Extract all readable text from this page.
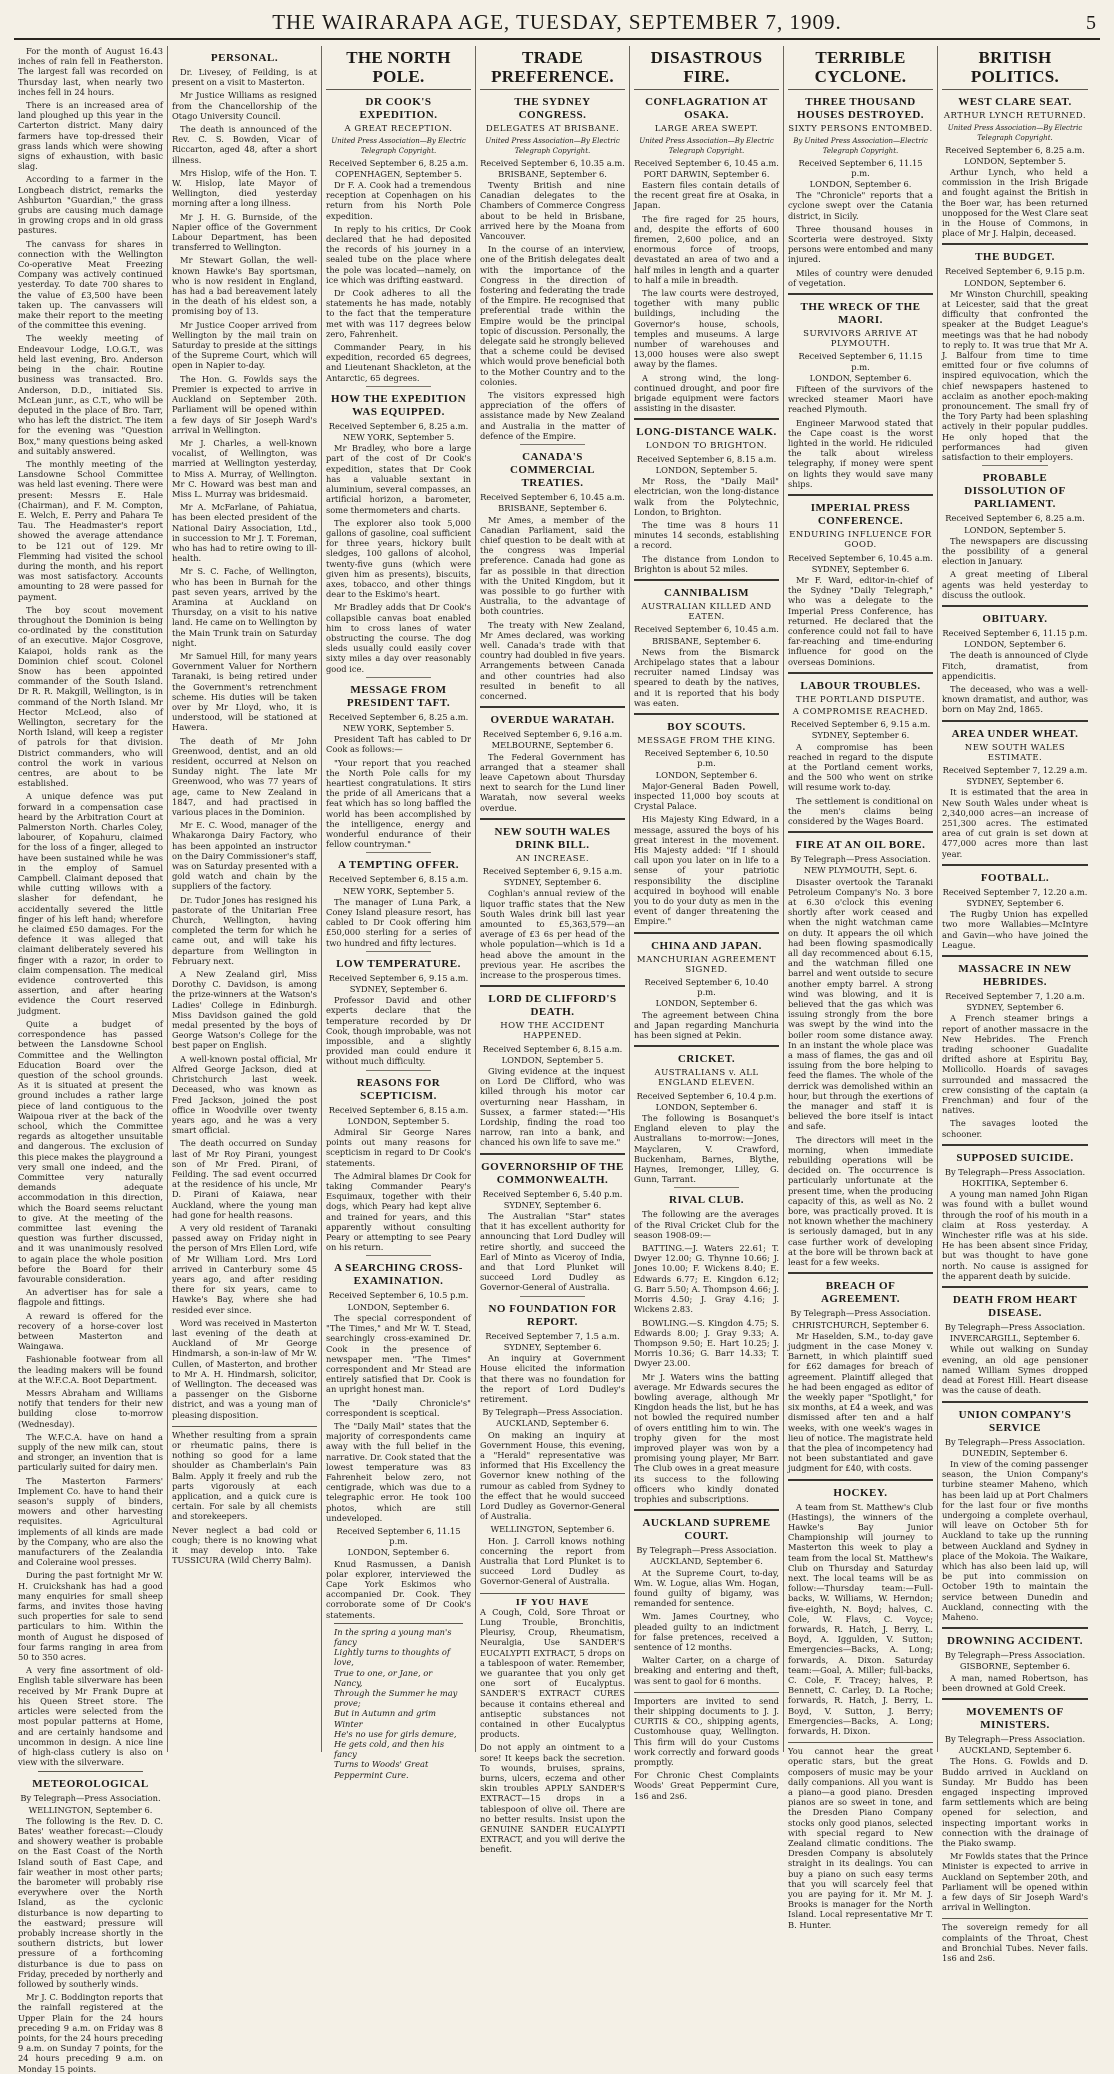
THE WAIRARAPA AGE, TUESDAY, SEPTEMBER 7, 1909.	5

For the month of August 16.43 inches of rain fell in Featherston. The largest fall was recorded on Thursday last, when nearly two inches fell in 24 hours.

There is an increased area of land ploughed up this year in the Carterton district. Many dairy farmers have top-dressed their grass lands which were showing signs of exhaustion, with basic slag.

According to a farmer in the Longbeach district, remarks the Ashburton "Guardian," the grass grubs are causing much damage in growing crops and in old grass pastures.

The canvass for shares in connection with the Wellington Co-operative Meat Freezing Company was actively continued yesterday. To date 700 shares to the value of £3,500 have been taken up. The canvassers will make their report to the meeting of the committee this evening.

The weekly meeting of Endeavour Lodge, I.O.G.T., was held last evening, Bro. Anderson being in the chair. Routine business was transacted. Bro. Anderson, D.D., initiated Sis. McLean junr., as C.T., who will be deputed in the place of Bro. Tarr, who has left the district. The item for the evening was "Question Box," many questions being asked and suitably answered.

The monthly meeting of the Lansdowne School Committee was held last evening. There were present: Messrs E. Hale (Chairman), and F. M. Compton, E. Welch, E. Perry and Pahara Te Tau. The Headmaster's report showed the average attendance to be 121 out of 129. Mr Flemming had visited the school during the month, and his report was most satisfactory. Accounts amounting to 28 were passed for payment.

The boy scout movement throughout the Dominion is being co-ordinated by the constitution of an executive. Major Cosgrove, Kaiapoi, holds rank as the Dominion chief scout. Colonel Snow has been appointed commander of the South Island. Dr R. R. Makgill, Wellington, is in command of the North Island. Mr Hector McLeod, also of Wellington, secretary for the North Island, will keep a register of patrols for that division. District commanders, who will control the work in various centres, are about to be established.

A unique defence was put forward in a compensation case heard by the Arbitration Court at Palmerston North. Charles Coley, labourer, of Kopahuru, claimed for the loss of a finger, alleged to have been sustained while he was in the employ of Samuel Campbell. Claimant deposed that while cutting willows with a slasher for defendant, he accidentally severed the little finger of his left hand; wherefore he claimed £50 damages. For the defence it was alleged that claimant deliberately severed his finger with a razor, in order to claim compensation. The medical evidence controverted this assertion, and after hearing evidence the Court reserved judgment.

Quite a budget of correspondence has passed between the Lansdowne School Committee and the Wellington Education Board over the question of the school grounds. As it is situated at present the ground includes a rather large piece of land contiguous to the Waipoua river at the back of the school, which the Committee regards as altogether unsuitable and dangerous. The exclusion of this piece makes the playground a very small one indeed, and the Committee very naturally demands adequate accommodation in this direction, which the Board seems reluctant to give. At the meeting of the committee last evening the question was further discussed, and it was unanimously resolved to again place the whole position before the Board for their favourable consideration.

An advertiser has for sale a flagpole and fittings.

A reward is offered for the recovery of a horse-cover lost between Masterton and Waingawa.

Fashionable footwear from all the leading makers will be found at the W.F.C.A. Boot Department.

Messrs Abraham and Williams notify that tenders for their new building close to-morrow (Wednesday).

The W.F.C.A. have on hand a supply of the new milk can, stout and stronger, an invention that is particularly suited for dairy men.

The Masterton Farmers' Implement Co. have to hand their season's supply of binders, mowers and other harvesting requisites. Agricultural implements of all kinds are made by the Company, who are also the manufacturers of the Zealandia and Coleraine wool presses.

During the past fortnight Mr W. H. Cruickshank has had a good many enquiries for small sheep farms, and invites those having such properties for sale to send particulars to him. Within the month of August he disposed of four farms ranging in area from 50 to 350 acres.

A very fine assortment of old-English table silverware has been received by Mr Frank Dupre at his Queen Street store. The articles were selected from the most popular patterns at Home, and are certainly handsome and uncommon in design. A nice line of high-class cutlery is also on view with the silverware.

METEOROLOGICAL
By Telegraph—Press Association.
WELLINGTON, September 6.

The following is the Rev. D. C. Bates' weather forecast:—Cloudy and showery weather is probable on the East Coast of the North Island south of East Cape, and fair weather in most other parts; the barometer will probably rise everywhere over the North Island, as the cyclonic disturbance is now departing to the eastward; pressure will probably increase shortly in the southern districts, but lower pressure of a forthcoming disturbance is due to pass on Friday, preceded by northerly and followed by southerly winds.

Mr J. C. Boddington reports that the rainfall registered at the Upper Plain for the 24 hours preceding 9 a.m. on Friday was 8 points, for the 24 hours preceding 9 a.m. on Sunday 7 points, for the 24 hours preceding 9 a.m. on Monday 15 points.

PERSONAL.

Dr. Livesey, of Feilding, is at present on a visit to Masterton.

Mr Justice Williams as resigned from the Chancellorship of the Otago University Council.

The death is announced of the Rev. C. S. Bowden, Vicar of Riccarton, aged 48, after a short illness.

Mrs Hislop, wife of the Hon. T. W. Hislop, late Mayor of Wellington, died yesterday morning after a long illness.

Mr J. H. G. Burnside, of the Napier office of the Government Labour Department, has been transferred to Wellington.

Mr Stewart Gollan, the well-known Hawke's Bay sportsman, who is now resident in England, has had a bad bereavement lately in the death of his eldest son, a promising boy of 13.

Mr Justice Cooper arrived from Wellington by the mail train on Saturday to preside at the sittings of the Supreme Court, which will open in Napier to-day.

The Hon. G. Fowlds says the Premier is expected to arrive in Auckland on September 20th. Parliament will be opened within a few days of Sir Joseph Ward's arrival in Wellington.

Mr J. Charles, a well-known vocalist, of Wellington, was married at Wellington yesterday, to Miss A. Murray, of Wellington. Mr C. Howard was best man and Miss L. Murray was bridesmaid.

Mr A. McFarlane, of Pahiatua, has been elected president of the National Dairy Association, Ltd., in succession to Mr J. T. Foreman, who has had to retire owing to ill-health.

Mr S. C. Fache, of Wellington, who has been in Burnah for the past seven years, arrived by the Aramina at Auckland on Thursday, on a visit to his native land. He came on to Wellington by the Main Trunk train on Saturday night.

Mr Samuel Hill, for many years Government Valuer for Northern Taranaki, is being retired under the Government's retrenchment scheme. His duties will be taken over by Mr Lloyd, who, it is understood, will be stationed at Hawera.

The death of Mr John Greenwood, dentist, and an old resident, occurred at Nelson on Sunday night. The late Mr Greenwood, who was 77 years of age, came to New Zealand in 1847, and had practised in various places in the Dominion.

Mr E. C. Wood, manager of the Whakaronga Dairy Factory, who has been appointed an instructor on the Dairy Commissioner's staff, was on Saturday presented with a gold watch and chain by the suppliers of the factory.

Dr. Tudor Jones has resigned his pastorate of the Unitarian Free Church, Wellington, having completed the term for which he came out, and will take his departure from Wellington in February next.

A New Zealand girl, Miss Dorothy C. Davidson, is among the prize-winners at the Watson's Ladies' College in Edinburgh. Miss Davidson gained the gold medal presented by the boys of George Watson's College for the best paper on English.

A well-known postal official, Mr Alfred George Jackson, died at Christchurch last week. Deceased, who was known as Fred Jackson, joined the post office in Woodville over twenty years ago, and he was a very smart official.

The death occurred on Sunday last of Mr Roy Pirani, youngest son of Mr Fred. Pirani, of Feilding. The sad event occurred at the residence of his uncle, Mr D. Pirani of Kaiawa, near Auckland, where the young man had gone for health reasons.

A very old resident of Taranaki passed away on Friday night in the person of Mrs Ellen Lord, wife of Mr William Lord. Mrs Lord arrived in Canterbury some 45 years ago, and after residing there for six years, came to Hawke's Bay, where she had resided ever since.

Word was received in Masterton last evening of the death at Auckland of Mr George Hindmarsh, a son-in-law of Mr W. Cullen, of Masterton, and brother to Mr A. H. Hindmarsh, solicitor, of Wellington. The deceased was a passenger on the Gisborne district, and was a young man of pleasing disposition.

Whether resulting from a sprain or rheumatic pains, there is nothing so good for a lame shoulder as Chamberlain's Pain Balm. Apply it freely and rub the parts vigorously at each application, and a quick cure is certain. For sale by all chemists and storekeepers.

Never neglect a bad cold or cough; there is no knowing what it may develop into. Take TUSSICURA (Wild Cherry Balm).

THE NORTH POLE.
DR COOK'S EXPEDITION.
A GREAT RECEPTION.
United Press Association—By Electric Telegraph Copyright.
Received September 6, 8.25 a.m.
COPENHAGEN, September 5.

Dr F. A. Cook had a tremendous reception at Copenhagen on his return from his North Pole expedition.

In reply to his critics, Dr Cook declared that he had deposited the records of his journey in a sealed tube on the place where the pole was located—namely, on ice which was drifting eastward.

Dr Cook adheres to all the statements he has made, notably to the fact that the temperature met with was 117 degrees below zero, Fahrenheit.

Commander Peary, in his expedition, recorded 65 degrees, and Lieutenant Shackleton, at the Antarctic, 65 degrees.

HOW THE EXPEDITION WAS EQUIPPED.
Received September 6, 8.25 a.m.
NEW YORK, September 5.

Mr Bradley, who bore a large part of the cost of Dr Cook's expedition, states that Dr Cook has a valuable sextant in aluminium, several compasses, an artificial horizon, a barometer, some thermometers and charts.

The explorer also took 5,000 gallons of gasoline, coal sufficient for three years, hickory built sledges, 100 gallons of alcohol, twenty-five guns (which were given him as presents), biscuits, axes, tobacco, and other things dear to the Eskimo's heart.

Mr Bradley adds that Dr Cook's collapsible canvas boat enabled him to cross lanes of water obstructing the course. The dog sleds usually could easily cover sixty miles a day over reasonably good ice.

MESSAGE FROM PRESIDENT TAFT.
Received September 6, 8.25 a.m.
NEW YORK, September 5.

President Taft has cabled to Dr Cook as follows:—

"Your report that you reached the North Pole calls for my heartiest congratulations. It stirs the pride of all Americans that a feat which has so long baffled the world has been accomplished by the intelligence, energy and wonderful endurance of their fellow countryman."

A TEMPTING OFFER.
Received September 6, 8.15 a.m.
NEW YORK, September 5.

The manager of Luna Park, a Coney Island pleasure resort, has cabled to Dr Cook offering him £50,000 sterling for a series of two hundred and fifty lectures.

LOW TEMPERATURE.
Received September 6, 9.15 a.m.
SYDNEY, September 6.

Professor David and other experts declare that the temperature recorded by Dr Cook, though improbable, was not impossible, and a slightly provided man could endure it without much difficulty.

REASONS FOR SCEPTICISM.
Received September 6, 8.15 a.m.
LONDON, September 5.

Admiral Sir George Nares points out many reasons for scepticism in regard to Dr Cook's statements.

The Admiral blames Dr Cook for taking Commander Peary's Esquimaux, together with their dogs, which Peary had kept alive and trained for years, and this apparently without consulting Peary or attempting to see Peary on his return.

A SEARCHING CROSS-EXAMINATION.
Received September 6, 10.5 p.m.
LONDON, September 6.

The special correspondent of "The Times," and Mr W. T. Stead, searchingly cross-examined Dr. Cook in the presence of newspaper men. "The Times" correspondent and Mr Stead are entirely satisfied that Dr. Cook is an upright honest man.

The "Daily Chronicle's" correspondent is sceptical.

The "Daily Mail" states that the majority of correspondents came away with the full belief in the narrative. Dr. Cook stated that the lowest temperature was 83 Fahrenheit below zero, not centigrade, which was due to a telegraphic error. He took 100 photos, which are still undeveloped.

Received September 6, 11.15 p.m.
LONDON, September 6.

Knud Rasmussen, a Danish polar explorer, interviewed the Cape York Eskimos who accompanied Dr. Cook. They corroborate some of Dr Cook's statements.

In the spring a young man's fancy

Lightly turns to thoughts of love,

True to one, or Jane, or Nancy,

Through the Summer he may prove;

But in Autumn and grim Winter

He's no use for girls demure,

He gets cold, and then his fancy

Turns to Woods' Great Peppermint Cure.

TRADE PREFERENCE.
THE SYDNEY CONGRESS.
DELEGATES AT BRISBANE.
United Press Association—By Electric Telegraph Copyright.
Received September 6, 10.35 a.m.
BRISBANE, September 6.

Twenty British and nine Canadian delegates to the Chambers of Commerce Congress about to be held in Brisbane, arrived here by the Moana from Vancouver.

In the course of an interview, one of the British delegates dealt with the importance of the Congress in the direction of fostering and federating the trade of the Empire. He recognised that preferential trade within the Empire would be the principal topic of discussion. Personally, the delegate said he strongly believed that a scheme could be devised which would prove beneficial both to the Mother Country and to the colonies.

The visitors expressed high appreciation of the offers of assistance made by New Zealand and Australia in the matter of defence of the Empire.

CANADA'S COMMERCIAL TREATIES.
Received September 6, 10.45 a.m.
BRISBANE, September 6.

Mr Ames, a member of the Canadian Parliament, said the chief question to be dealt with at the congress was Imperial preference. Canada had gone as far as possible in that direction with the United Kingdom, but it was possible to go further with Australia, to the advantage of both countries.

The treaty with New Zealand, Mr Ames declared, was working well. Canada's trade with that country had doubled in five years. Arrangements between Canada and other countries had also resulted in benefit to all concerned.

OVERDUE WARATAH.
Received September 6, 9.16 a.m.
MELBOURNE, September 6.

The Federal Government has arranged that a steamer shall leave Capetown about Thursday next to search for the Lund liner Waratah, now several weeks overdue.

NEW SOUTH WALES DRINK BILL.
AN INCREASE.
Received September 6, 9.15 a.m.
SYDNEY, September 6.

Coghlan's annual review of the liquor traffic states that the New South Wales drink bill last year amounted to £5,363,579—an average of £3 6s per head of the whole population—which is 1d a head above the amount in the previous year. He ascribes the increase to the prosperous times.

LORD DE CLIFFORD'S DEATH.
HOW THE ACCIDENT HAPPENED.
Received September 6, 8.15 a.m.
LONDON, September 5.

Giving evidence at the inquest on Lord De Clifford, who was killed through his motor car overturning near Hassham, in Sussex, a farmer stated:—"His Lordship, finding the road too narrow, ran into a bank, and chanced his own life to save me."

GOVERNORSHIP OF THE COMMONWEALTH.
Received September 6, 5.40 p.m.
SYDNEY, September 6.

The Australian "Star" states that it has excellent authority for announcing that Lord Dudley will retire shortly, and succeed the Earl of Minto as Viceroy of India, and that Lord Plunket will succeed Lord Dudley as Governor-General of Australia.

NO FOUNDATION FOR REPORT.
Received September 7, 1.5 a.m.
SYDNEY, September 6.

An inquiry at Government House elicited the information that there was no foundation for the report of Lord Dudley's retirement.

By Telegraph—Press Association.
AUCKLAND, September 6.

On making an inquiry at Government House, this evening, a "Herald" representative was informed that His Excellency the Governor knew nothing of the rumour as cabled from Sydney to the effect that he would succeed Lord Dudley as Governor-General of Australia.

WELLINGTON, September 6.

Hon. J. Carroll knows nothing concerning the report from Australia that Lord Plunket is to succeed Lord Dudley as Governor-General of Australia.

IF YOU HAVE

A Cough, Cold, Sore Throat or Lung Trouble, Bronchitis, Pleurisy, Croup, Rheumatism, Neuralgia, Use SANDER'S EUCALYPTI EXTRACT, 5 drops on a tablespoon of water. Remember, we guarantee that you only get one sort of Eucalyptus. SANDER'S EXTRACT CURES because it contains ethereal and antiseptic substances not contained in other Eucalyptus products.

Do not apply an ointment to a sore! It keeps back the secretion. To wounds, bruises, sprains, burns, ulcers, eczema and other skin troubles APPLY SANDER'S EXTRACT—15 drops in a tablespoon of olive oil. There are no better results. Insist upon the GENUINE SANDER EUCALYPTI EXTRACT, and you will derive the benefit.

DISASTROUS FIRE.
CONFLAGRATION AT OSAKA.
LARGE AREA SWEPT.
United Press Association—By Electric Telegraph Copyright.
Received September 6, 10.45 a.m.
PORT DARWIN, September 6.

Eastern files contain details of the recent great fire at Osaka, in Japan.

The fire raged for 25 hours, and, despite the efforts of 600 firemen, 2,600 police, and an enormous force of troops, devastated an area of two and a half miles in length and a quarter to half a mile in breadth.

The law courts were destroyed, together with many public buildings, including the Governor's house, schools, temples and museums. A large number of warehouses and 13,000 houses were also swept away by the flames.

A strong wind, the long-continued drought, and poor fire brigade equipment were factors assisting in the disaster.

LONG-DISTANCE WALK.
LONDON TO BRIGHTON.
Received September 6, 8.15 a.m.
LONDON, September 5.

Mr Ross, the "Daily Mail" electrician, won the long-distance walk from the Polytechnic, London, to Brighton.

The time was 8 hours 11 minutes 14 seconds, establishing a record.

The distance from London to Brighton is about 52 miles.

CANNIBALISM
AUSTRALIAN KILLED AND EATEN.
Received September 6, 10.45 a.m.
BRISBANE, September 6.

News from the Bismarck Archipelago states that a labour recruiter named Lindsay was speared to death by the natives, and it is reported that his body was eaten.

BOY SCOUTS.
MESSAGE FROM THE KING.
Received September 6, 10.50 p.m.
LONDON, September 6.

Major-General Baden Powell, inspected 11,000 boy scouts at Crystal Palace.

His Majesty King Edward, in a message, assured the boys of his great interest in the movement. His Majesty added: "If I should call upon you later on in life to a sense of your patriotic responsibility the discipline acquired in boyhood will enable you to do your duty as men in the event of danger threatening the Empire."

CHINA AND JAPAN.
MANCHURIAN AGREEMENT SIGNED.
Received September 6, 10.40 p.m.
LONDON, September 6.

The agreement between China and Japan regarding Manchuria has been signed at Pekin.

CRICKET.
AUSTRALIANS v. ALL ENGLAND ELEVEN.
Received September 6, 10.4 p.m.
LONDON, September 6.

The following is Bosanquet's England eleven to play the Australians to-morrow:—Jones, Mayclaren, V. Crawford, Buckenham, Barnes, Blythe, Haynes, Iremonger, Lilley, G. Gunn, Tarrant.

RIVAL CLUB.

The following are the averages of the Rival Cricket Club for the season 1908-09:—

BATTING.—J. Waters 22.61; T. Dwyer 12.00; G. Thynne 10.66; J. Jones 10.00; F. Wickens 8.40; E. Edwards 6.77; E. Kingdon 6.12; G. Barr 5.50; A. Thompson 4.66; J. Morris 4.50; J. Gray 4.16; J. Wickens 2.83.

BOWLING.—S. Kingdon 4.75; S. Edwards 8.00; J. Gray 9.33; A. Thompson 9.50; E. Hart 10.25; J. Morris 10.36; G. Barr 14.33; T. Dwyer 23.00.

Mr J. Waters wins the batting average. Mr Edwards secures the bowling average, although Mr Kingdon heads the list, but he has not bowled the required number of overs entitling him to win. The trophy given for the most improved player was won by a promising young player, Mr Barr. The Club owes in a great measure its success to the following officers who kindly donated trophies and subscriptions.

AUCKLAND SUPREME COURT.
By Telegraph—Press Association.
AUCKLAND, September 6.

At the Supreme Court, to-day, Wm. W. Logue, alias Wm. Hogan, found guilty of bigamy, was remanded for sentence.

Wm. James Courtney, who pleaded guilty to an indictment for false pretences, received a sentence of 12 months.

Walter Carter, on a charge of breaking and entering and theft, was sent to gaol for 6 months.

Importers are invited to send their shipping documents to J. J. CURTIS & CO., shipping agents, Customhouse quay, Wellington. This firm will do your Customs work correctly and forward goods promptly.

For Chronic Chest Complaints Woods' Great Peppermint Cure, 1s6 and 2s6.

TERRIBLE CYCLONE.
THREE THOUSAND HOUSES DESTROYED.
SIXTY PERSONS ENTOMBED.
By United Press Association—Electric Telegraph Copyright.
Received September 6, 11.15 p.m.
LONDON, September 6.

The "Chronicle" reports that a cyclone swept over the Catania district, in Sicily.

Three thousand houses in Scorteria were destroyed. Sixty persons were entombed and many injured.

Miles of country were denuded of vegetation.

THE WRECK OF THE MAORI.
SURVIVORS ARRIVE AT PLYMOUTH.
Received September 6, 11.15 p.m.
LONDON, September 6.

Fifteen of the survivors of the wrecked steamer Maori have reached Plymouth.

Engineer Marwood stated that the Cape coast is the worst lighted in the world. He ridiculed the talk about wireless telegraphy, if money were spent on lights they would save many ships.

IMPERIAL PRESS CONFERENCE.
ENDURING INFLUENCE FOR GOOD.
Received September 6, 10.45 a.m.
SYDNEY, September 6.

Mr F. Ward, editor-in-chief of the Sydney "Daily Telegraph," who was a delegate to the Imperial Press Conference, has returned. He declared that the conference could not fail to have far-reaching and time-enduring influence for good on the overseas Dominions.

LABOUR TROUBLES.
THE PORTLAND DISPUTE.
A COMPROMISE REACHED.
Received September 6, 9.15 a.m.
SYDNEY, September 6.

A compromise has been reached in regard to the dispute at the Portland cement works, and the 500 who went on strike will resume work to-day.

The settlement is conditional on the men's claims being considered by the Wages Board.

FIRE AT AN OIL BORE.
By Telegraph—Press Association.
NEW PLYMOUTH, Sept. 6.

Disaster overtook the Taranaki Petroleum Company's No. 3 bore at 6.30 o'clock this evening shortly after work ceased and when the night watchman came on duty. It appears the oil which had been flowing spasmodically all day recommenced about 6.15, and the watchman filled one barrel and went outside to secure another empty barrel. A strong wind was blowing, and it is believed that the gas which was issuing strongly from the bore was swept by the wind into the boiler room some distance away. In an instant the whole place was a mass of flames, the gas and oil issuing from the bore helping to feed the flames. The whole of the derrick was demolished within an hour, but through the exertions of the manager and staff it is believed the bore itself is intact and safe.

The directors will meet in the morning, when immediate rebuilding operations will be decided on. The occurrence is particularly unfortunate at the present time, when the producing capacity of this, as well as No. 2 bore, was practically proved. It is not known whether the machinery is seriously damaged, but in any case further work of developing at the bore will be thrown back at least for a few weeks.

BREACH OF AGREEMENT.
By Telegraph—Press Association.
CHRISTCHURCH, September 6.

Mr Haselden, S.M., to-day gave judgment in the case Money v. Barnett, in which plaintiff sued for £62 damages for breach of agreement. Plaintiff alleged that he had been engaged as editor of the weekly paper "Spotlight," for six months, at £4 a week, and was dismissed after ten and a half weeks, with one week's wages in lieu of notice. The magistrate held that the plea of incompetency had not been substantiated and gave judgment for £40, with costs.

HOCKEY.

A team from St. Matthew's Club (Hastings), the winners of the Hawke's Bay Junior Championship will journey to Masterton this week to play a team from the local St. Matthew's Club on Thursday and Saturday next. The local teams will be as follow:—Thursday team:—Full-backs, W. Williams, W. Herndon; five-eighth, N. Boyd; halves, C. Cole, W. Flavs, C. Voyce; forwards, R. Hatch, J. Berry, L. Boyd, A. Iggulden, V. Sutton; Emergencies—Backs, A. Long; forwards, A. Dixon. Saturday team:—Goal, A. Miller; full-backs, C. Cole, F. Tracey; halves, P. Bennett, C. Carley, D. La Roche; forwards, R. Hatch, J. Berry, L. Boyd, V. Sutton, J. Berry; Emergencies—Backs, A. Long; forwards, H. Dixon.

You cannot hear the great operatic stars, but the great composers of music may be your daily companions. All you want is a piano—a good piano. Dresden pianos are so sweet in tone, and the Dresden Piano Company stocks only good pianos, selected with special regard to New Zealand climatic conditions. The Dresden Company is absolutely straight in its dealings. You can buy a piano on such easy terms that you will scarcely feel that you are paying for it. Mr M. J. Brooks is manager for the North Island. Local representative Mr T. B. Hunter.

BRITISH POLITICS.
WEST CLARE SEAT.
ARTHUR LYNCH RETURNED.
United Press Association—By Electric Telegraph Copyright.
Received September 6, 8.25 a.m.
LONDON, September 5.

Arthur Lynch, who held a commission in the Irish Brigade and fought against the British in the Boer war, has been returned unopposed for the West Clare seat in the House of Commons, in place of Mr J. Halpin, deceased.

THE BUDGET.
Received September 6, 9.15 p.m.
LONDON, September 6.

Mr Winston Churchill, speaking at Leicester, said that the great difficulty that confronted the speaker at the Budget League's meetings was that he had nobody to reply to. It was true that Mr A. J. Balfour from time to time emitted four or five columns of inspired equivocation, which the chief newspapers hastened to acclaim as another epoch-making pronouncement. The small fry of the Tory Party had been splashing actively in their popular puddles. He only hoped that the performances had given satisfaction to their employers.

PROBABLE DISSOLUTION OF PARLIAMENT.
Received September 6, 8.25 a.m.
LONDON, September 5.

The newspapers are discussing the possibility of a general election in January.

A great meeting of Liberal agents was held yesterday to discuss the outlook.

OBITUARY.
Received September 6, 11.15 p.m.
LONDON, September 6.

The death is announced of Clyde Fitch, dramatist, from appendicitis.

The deceased, who was a well-known dramatist, and author, was born on May 2nd, 1865.

AREA UNDER WHEAT.
NEW SOUTH WALES ESTIMATE.
Received September 7, 12.29 a.m.
SYDNEY, September 6.

It is estimated that the area in New South Wales under wheat is 2,340,000 acres—an increase of 251,300 acres. The estimated area of cut grain is set down at 477,000 acres more than last year.

FOOTBALL.
Received September 7, 12.20 a.m.
SYDNEY, September 6.

The Rugby Union has expelled two more Wallabies—McIntyre and Gavin—who have joined the League.

MASSACRE IN NEW HEBRIDES.
Received September 7, 1.20 a.m.
SYDNEY, September 6.

A French steamer brings a report of another massacre in the New Hebrides. The French trading schooner Guadalite drifted ashore at Espiritu Bay, Mollicollo. Hoards of savages surrounded and massacred the crew consisting of the captain (a Frenchman) and four of the natives.

The savages looted the schooner.

SUPPOSED SUICIDE.
By Telegraph—Press Association.
HOKITIKA, September 6.

A young man named John Rigan was found with a bullet wound through the roof of his mouth in a claim at Ross yesterday. A Winchester rifle was at his side. He has been absent since Friday, but was thought to have gone north. No cause is assigned for the apparent death by suicide.

DEATH FROM HEART DISEASE.
By Telegraph—Press Association.
INVERCARGILL, September 6.

While out walking on Sunday evening, an old age pensioner named William Symes dropped dead at Forest Hill. Heart disease was the cause of death.

UNION COMPANY'S SERVICE
By Telegraph—Press Association.
DUNEDIN, September 6.

In view of the coming passenger season, the Union Company's turbine steamer Maheno, which has been laid up at Port Chalmers for the last four or five months undergoing a complete overhaul, will leave on October 5th for Auckland to take up the running between Auckland and Sydney in place of the Mokoia. The Waikare, which has also been laid up, will be put into commission on October 19th to maintain the service between Dunedin and Auckland, connecting with the Maheno.

DROWNING ACCIDENT.
By Telegraph—Press Association.
GISBORNE, September 6.

A man, named Robertson, has been drowned at Gold Creek.

MOVEMENTS OF MINISTERS.
By Telegraph—Press Association.
AUCKLAND, September 6.

The Hons. G. Fowlds and D. Buddo arrived in Auckland on Sunday. Mr Buddo has been engaged inspecting improved farm settlements which are being opened for selection, and inspecting important works in connection with the drainage of the Piako swamp.

Mr Fowlds states that the Prince Minister is expected to arrive in Auckland on September 20th, and Parliament will be opened within a few days of Sir Joseph Ward's arrival in Wellington.

The sovereign remedy for all complaints of the Throat, Chest and Bronchial Tubes. Never fails. 1s6 and 2s6.
